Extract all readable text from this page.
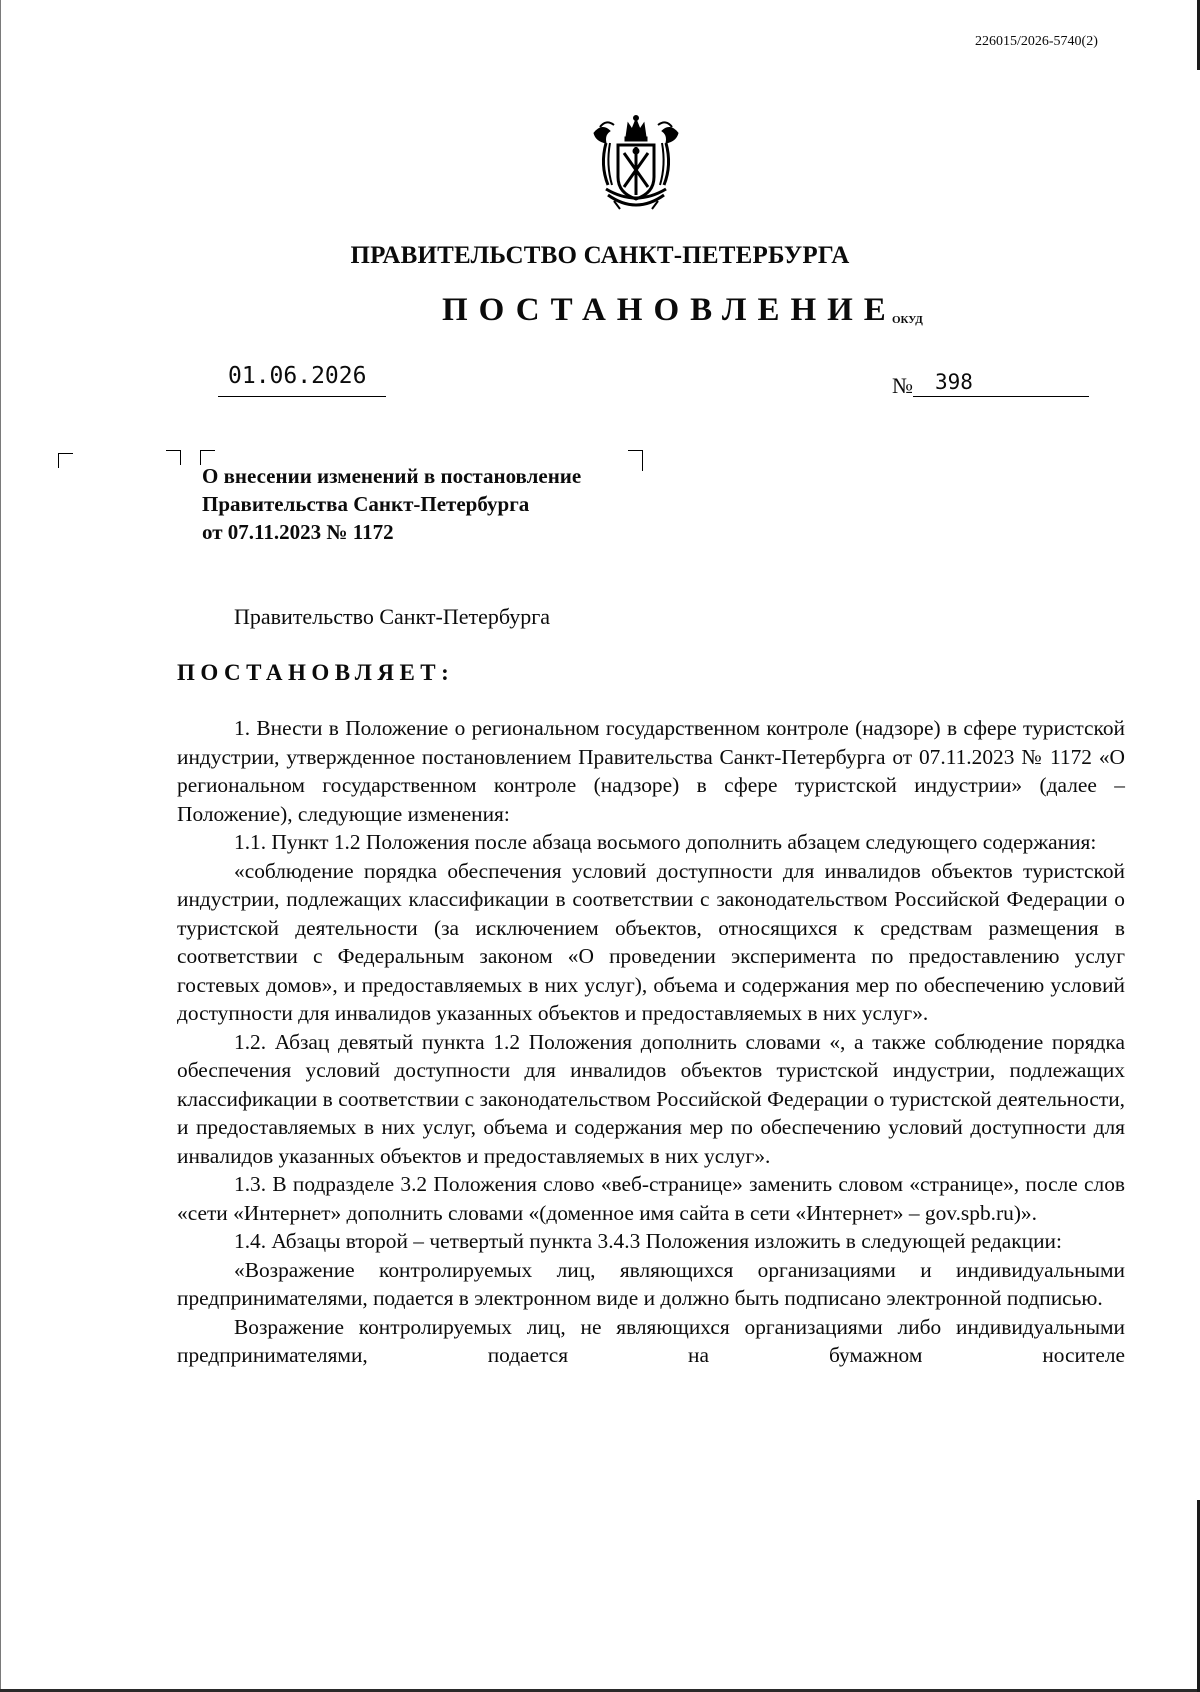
226015/2026-5740(2)
ПРАВИТЕЛЬСТВО САНКТ-ПЕТЕРБУРГА
ПОСТАНОВЛЕНИЕ
ОКУД
01.06.2026	№ 398
О внесении изменений в постановление
Правительства Санкт-Петербурга
от 07.11.2023 № 1172
Правительство Санкт-Петербурга
ПОСТАНОВЛЯЕТ:

1. Внести в Положение о региональном государственном контроле (надзоре) в сфере туристской индустрии, утвержденное постановлением Правительства Санкт-Петербурга от 07.11.2023 № 1172 «О региональном государственном контроле (надзоре) в сфере туристской индустрии» (далее – Положение), следующие изменения:

1.1. Пункт 1.2 Положения после абзаца восьмого дополнить абзацем следующего содержания:

«соблюдение порядка обеспечения условий доступности для инвалидов объектов туристской индустрии, подлежащих классификации в соответствии с законодательством Российской Федерации о туристской деятельности (за исключением объектов, относящихся к средствам размещения в соответствии с Федеральным законом «О проведении эксперимента по предоставлению услуг гостевых домов», и предоставляемых в них услуг), объема и содержания мер по обеспечению условий доступности для инвалидов указанных объектов и предоставляемых в них услуг».

1.2. Абзац девятый пункта 1.2 Положения дополнить словами «, а также соблюдение порядка обеспечения условий доступности для инвалидов объектов туристской индустрии, подлежащих классификации в соответствии с законодательством Российской Федерации о туристской деятельности, и предоставляемых в них услуг, объема и содержания мер по обеспечению условий доступности для инвалидов указанных объектов и предоставляемых в них услуг».

1.3. В подразделе 3.2 Положения слово «веб-странице» заменить словом «странице», после слов «сети «Интернет» дополнить словами «(доменное имя сайта в сети «Интернет» – gov.spb.ru)».

1.4. Абзацы второй – четвертый пункта 3.4.3 Положения изложить в следующей редакции:

«Возражение контролируемых лиц, являющихся организациями и индивидуальными предпринимателями, подается в электронном виде и должно быть подписано электронной подписью.

Возражение контролируемых лиц, не являющихся организациями либо индивидуальными предпринимателями, подается на бумажном носителе
